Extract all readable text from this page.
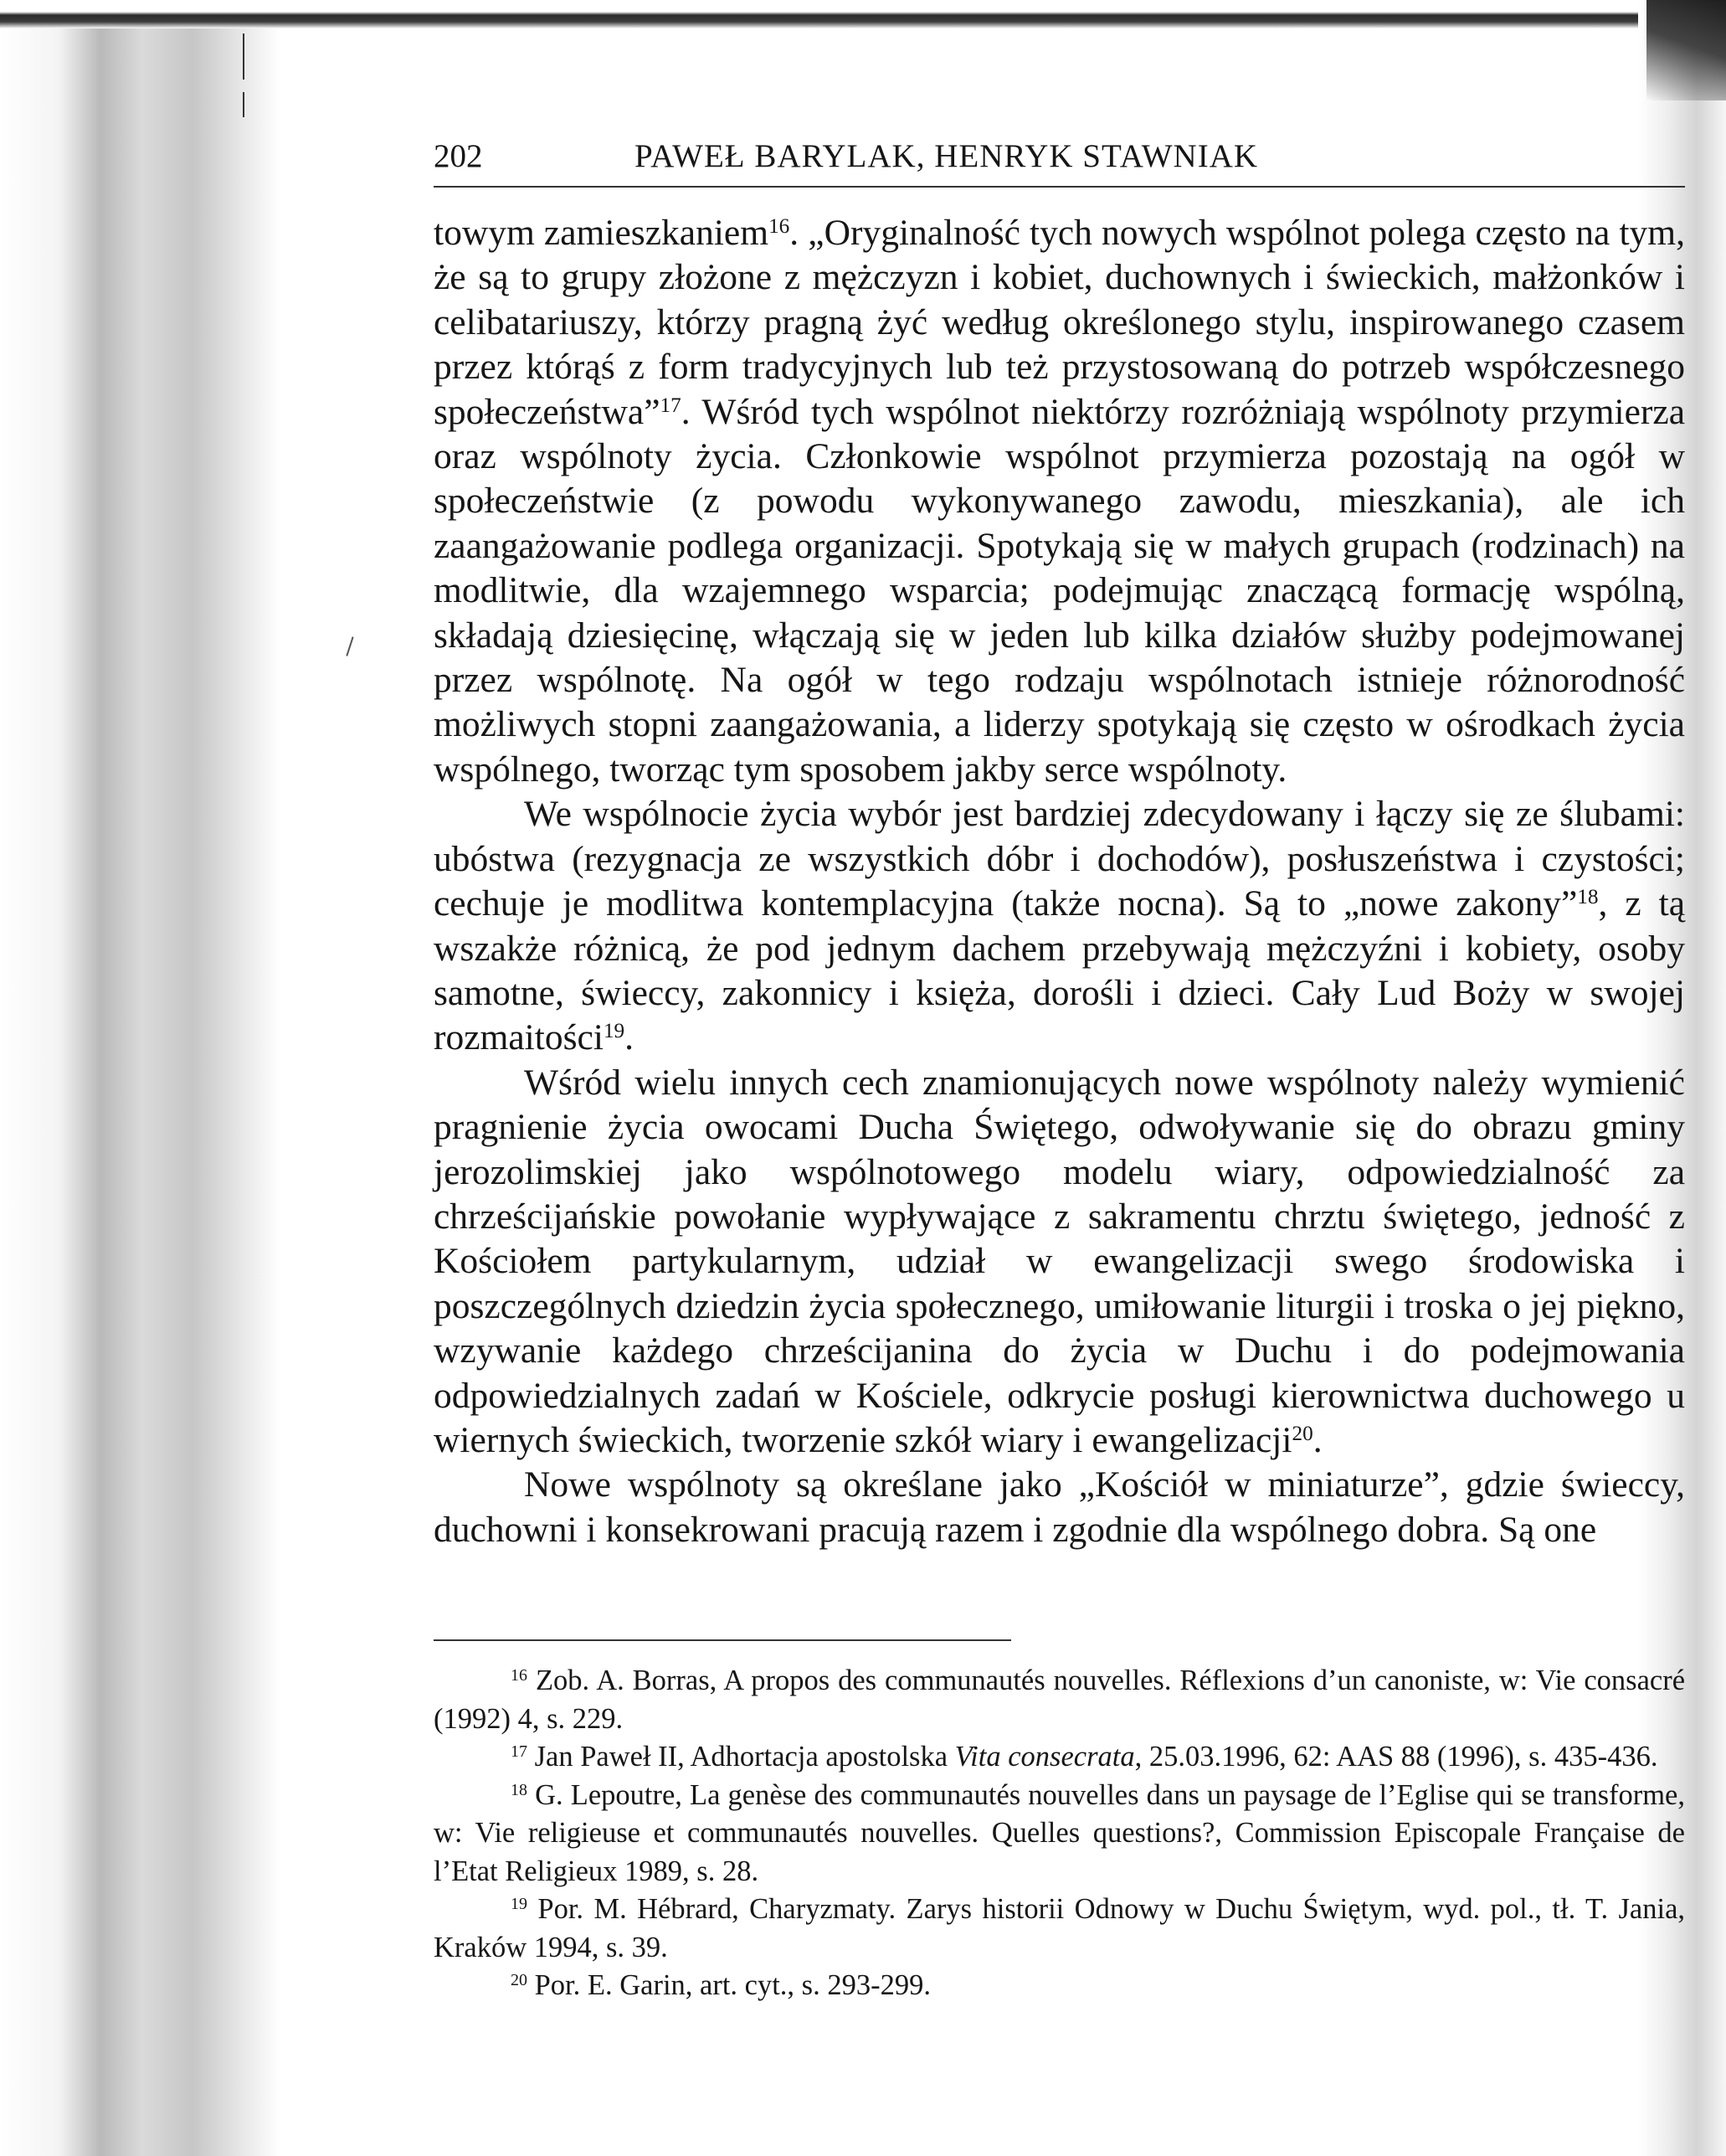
202	PAWEŁ BARYLAK, HENRYK STAWNIAK

towym zamieszkaniem$^{16}$. „Oryginalność tych nowych wspólnot polega często na tym, że są to grupy złożone z mężczyzn i kobiet, duchownych i świeckich, małżonków i celibatariuszy, którzy pragną żyć według określonego stylu, inspirowanego czasem przez którąś z form tradycyjnych lub też przystosowaną do potrzeb współczesnego społeczeństwa”$^{17}$. Wśród tych wspólnot niektórzy rozróżniają wspólnoty przymierza oraz wspólnoty życia. Członkowie wspólnot przymierza pozostają na ogół w społeczeństwie (z powodu wykonywanego zawodu, mieszkania), ale ich zaangażowanie podlega organizacji. Spotykają się w małych grupach (rodzinach) na modlitwie, dla wzajemnego wsparcia; podejmując znaczącą formację wspólną, składają dziesięcinę, włączają się w jeden lub kilka działów służby podejmowanej przez wspólnotę. Na ogół w tego rodzaju wspólnotach istnieje różnorodność możliwych stopni zaangażowania, a liderzy spotykają się często w ośrodkach życia wspólnego, tworząc tym sposobem jakby serce wspólnoty.

We wspólnocie życia wybór jest bardziej zdecydowany i łączy się ze ślubami: ubóstwa (rezygnacja ze wszystkich dóbr i dochodów), posłuszeństwa i czystości; cechuje je modlitwa kontemplacyjna (także nocna). Są to „nowe zakony”$^{18}$, z tą wszakże różnicą, że pod jednym dachem przebywają mężczyźni i kobiety, osoby samotne, świeccy, zakonnicy i księża, dorośli i dzieci. Cały Lud Boży w swojej rozmaitości$^{19}$.

Wśród wielu innych cech znamionujących nowe wspólnoty należy wymienić pragnienie życia owocami Ducha Świętego, odwoływanie się do obrazu gminy jerozolimskiej jako wspólnotowego modelu wiary, odpowiedzialność za chrześcijańskie powołanie wypływające z sakramentu chrztu świętego, jedność z Kościołem partykularnym, udział w ewangelizacji swego środowiska i poszczególnych dziedzin życia społecznego, umiłowanie liturgii i troska o jej piękno, wzywanie każdego chrześcijanina do życia w Duchu i do podejmowania odpowiedzialnych zadań w Kościele, odkrycie posługi kierownictwa duchowego u wiernych świeckich, tworzenie szkół wiary i ewangelizacji$^{20}$.

Nowe wspólnoty są określane jako „Kościół w miniaturze”, gdzie świeccy, duchowni i konsekrowani pracują razem i zgodnie dla wspólnego dobra. Są one

$^{16}$ Zob. A. Borras, A propos des communautés nouvelles. Réflexions d’un canoniste, w: Vie consacré (1992) 4, s. 229.

$^{17}$ Jan Paweł II, Adhortacja apostolska Vita consecrata, 25.03.1996, 62: AAS 88 (1996), s. 435-436.

$^{18}$ G. Lepoutre, La genèse des communautés nouvelles dans un paysage de l’Eglise qui se transforme, w: Vie religieuse et communautés nouvelles. Quelles questions?, Commission Episcopale Française de l’Etat Religieux 1989, s. 28.

$^{19}$ Por. M. Hébrard, Charyzmaty. Zarys historii Odnowy w Duchu Świętym, wyd. pol., tł. T. Jania, Kraków 1994, s. 39.

$^{20}$ Por. E. Garin, art. cyt., s. 293-299.
